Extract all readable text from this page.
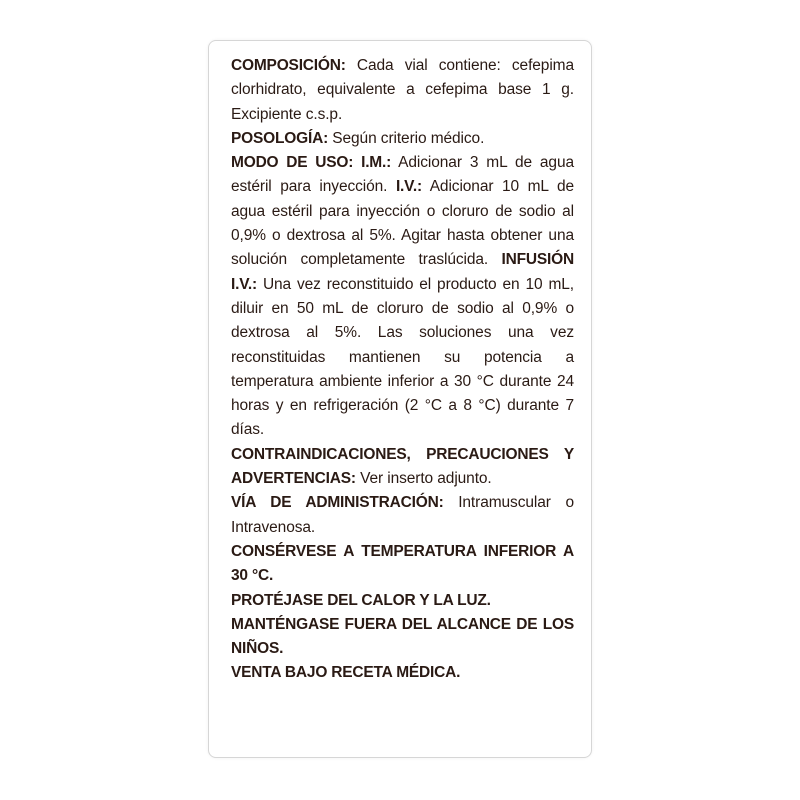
COMPOSICIÓN: Cada vial contiene: cefepima clorhidrato, equivalente a cefepima base 1 g. Excipiente c.s.p.

POSOLOGÍA: Según criterio médico.

MODO DE USO: I.M.: Adicionar 3 mL de agua estéril para inyección. I.V.: Adicionar 10 mL de agua estéril para inyección o cloruro de sodio al 0,9% o dextrosa al 5%. Agitar hasta obtener una solución completamente traslúcida. INFUSIÓN I.V.: Una vez reconstituido el producto en 10 mL, diluir en 50 mL de cloruro de sodio al 0,9% o dextrosa al 5%. Las soluciones una vez reconstituidas mantienen su potencia a temperatura ambiente inferior a 30 °C durante 24 horas y en refrigeración (2 °C a 8 °C) durante 7 días.

CONTRAINDICACIONES, PRECAUCIONES Y ADVERTENCIAS: Ver inserto adjunto.

VÍA DE ADMINISTRACIÓN: Intramuscular o Intravenosa.

CONSÉRVESE A TEMPERATURA INFERIOR A 30 °C.

PROTÉJASE DEL CALOR Y LA LUZ.

MANTÉNGASE FUERA DEL ALCANCE DE LOS NIÑOS.

VENTA BAJO RECETA MÉDICA.
